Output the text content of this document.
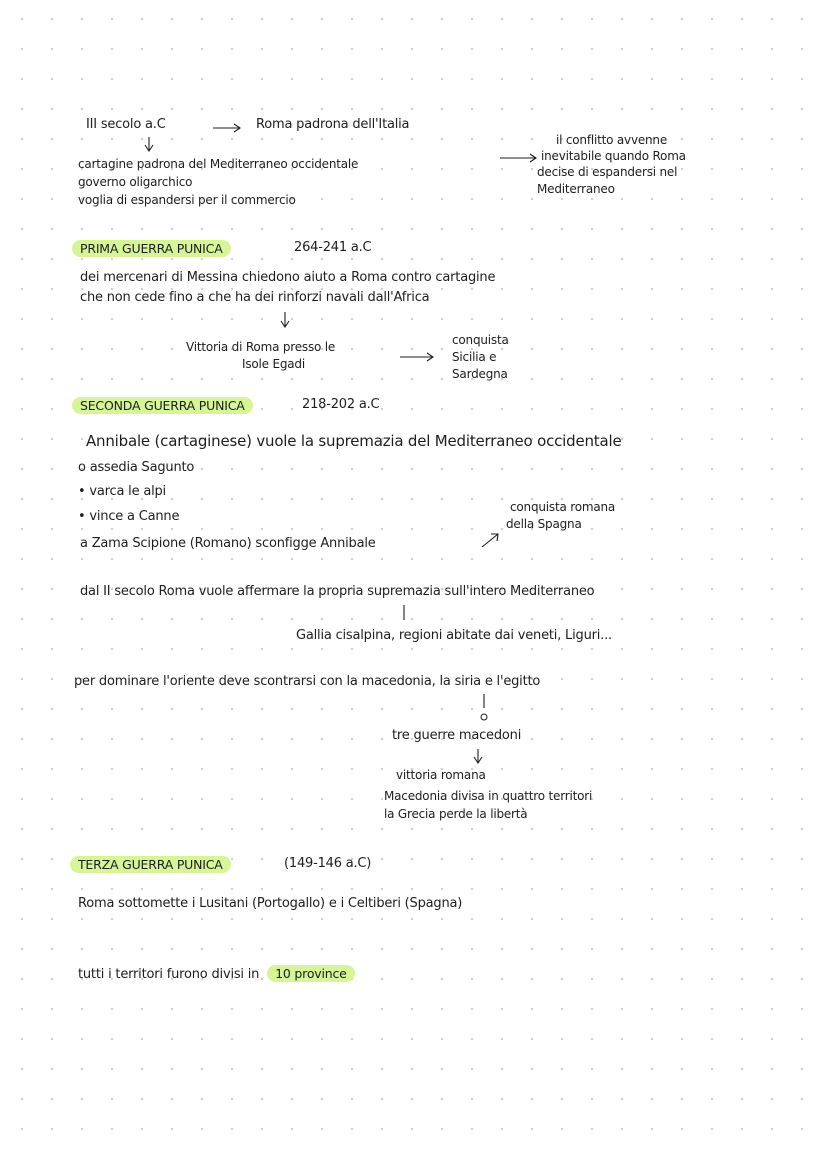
III secolo a.C	Roma padrona dell'Italia
cartagine padrona del Mediterraneo occidentale
governo oligarchico
voglia di espandersi per il commercio
il conflitto avvenne
inevitabile quando Roma
decise di espandersi nel
Mediterraneo
PRIMA GUERRA PUNICA	264-241 a.C
dei mercenari di Messina chiedono aiuto a Roma contro cartagine
che non cede fino a che ha dei rinforzi navali dall'Africa
Vittoria di Roma presso le
Isole Egadi
conquista
Sicilia e
Sardegna
SECONDA GUERRA PUNICA	218-202 a.C
Annibale (cartaginese) vuole la supremazia del Mediterraneo occidentale
o assedia Sagunto
• varca le alpi
• vince a Canne
a Zama Scipione (Romano) sconfigge Annibale
conquista romana
della Spagna
dal II secolo Roma vuole affermare la propria supremazia sull'intero Mediterraneo
Gallia cisalpina, regioni abitate dai veneti, Liguri...
per dominare l'oriente deve scontrarsi con la macedonia, la siria e l'egitto
tre guerre macedoni
vittoria romana
Macedonia divisa in quattro territori
la Grecia perde la libertà
TERZA GUERRA PUNICA	(149-146 a.C)
Roma sottomette i Lusitani (Portogallo) e i Celtiberi (Spagna)
tutti i territori furono divisi in 10 province
